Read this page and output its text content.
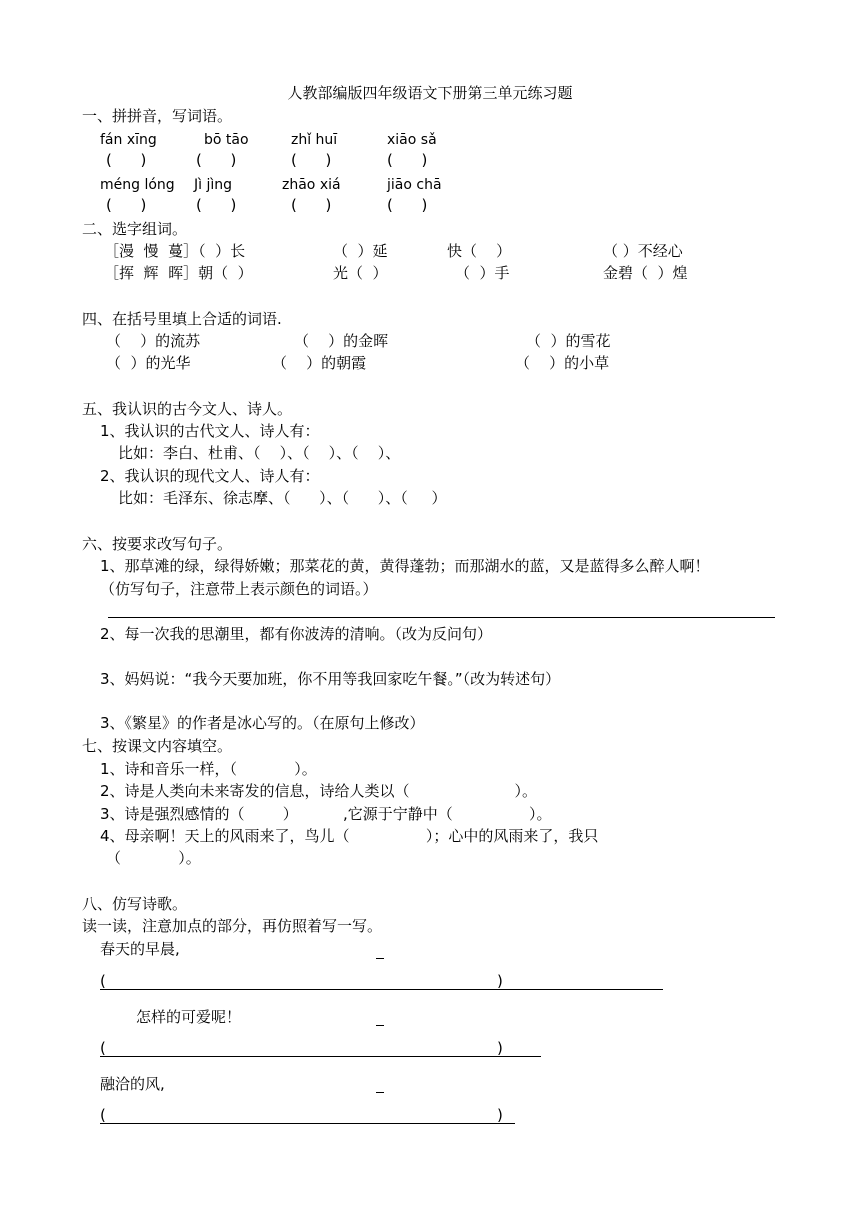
人教部编版四年级语文下册第三单元练习题
一、拼拼音，写词语。
fán xīng	bō tāo	zhǐ huī	xiāo sǎ
(      )	(      )	(      )	(      )
méng lóng Jì jìng	zhāo xiá	jiāo chā
(      )	(      )	(      )	(      )
二、选字组词。
［漫  慢  蔓］（  ）长	（  ）延	快（    ）	（ ）不经心
［挥  辉  晖］朝（  ）	光（  ）	（  ）手	金碧（  ）煌
四、在括号里填上合适的词语.
（    ）的流苏	（    ）的金晖	（  ）的雪花
（  ）的光华	（    ）的朝霞	（    ）的小草
五、我认识的古今文人、诗人。
1、我认识的古代文人、诗人有：
比如：李白、杜甫、（    ）、（    ）、（    ）、
2、我认识的现代文人、诗人有：
比如：毛泽东、徐志摩、（      ）、（      ）、（     ）
六、按要求改写句子。
1、那草滩的绿，绿得娇嫩；那菜花的黄，黄得蓬勃；而那湖水的蓝，又是蓝得多么醉人啊！
（仿写句子，注意带上表示颜色的词语。）
2、每一次我的思潮里，都有你波涛的清响。（改为反问句）
3、妈妈说：“我今天要加班，你不用等我回家吃午餐。”（改为转述句）
3、《繁星》的作者是冰心写的。（在原句上修改）
七、按课文内容填空。
1、诗和音乐一样，（            ）。
2、诗是人类向未来寄发的信息，诗给人类以（                      ）。
3、诗是强烈感情的（        ）	,它源于宁静中（                ）。
4、母亲啊！天上的风雨来了，鸟儿（                ）；心中的风雨来了，我只
（            ）。
八、仿写诗歌。
读一读，注意加点的部分，再仿照着写一写。
春天的早晨,
(	)
怎样的可爱呢！
(	)
融洽的风,
(	)
